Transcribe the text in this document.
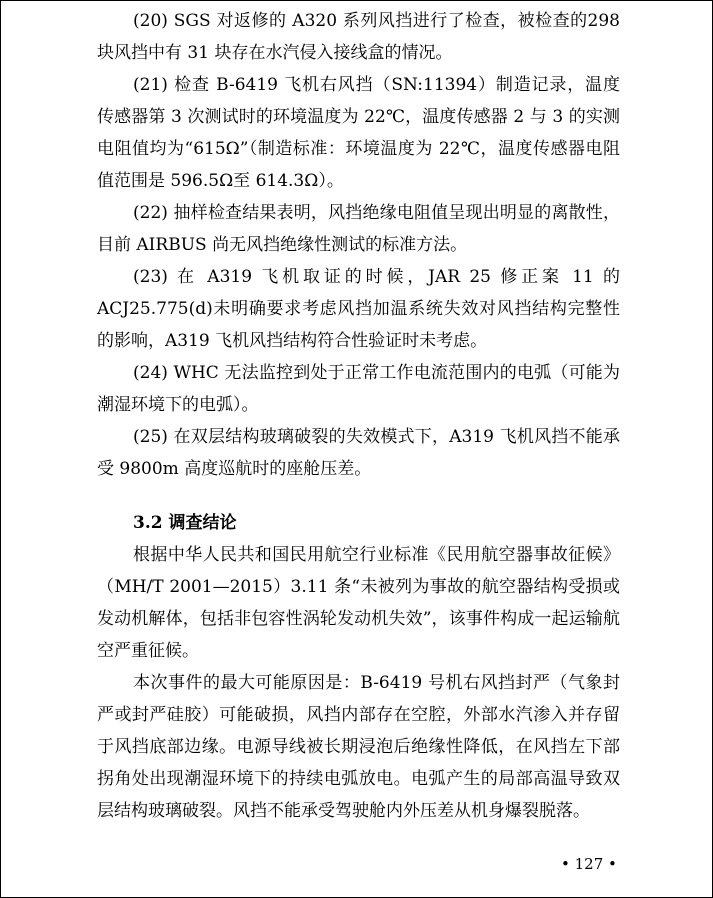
(20) SGS 对返修的 A320 系列风挡进行了检查，被检查的298 块风挡中有 31 块存在水汽侵入接线盒的情况。

(21) 检查 B-6419 飞机右风挡（SN:11394）制造记录，温度传感器第 3 次测试时的环境温度为 22℃，温度传感器 2 与 3 的实测电阻值均为“615Ω”（制造标准：环境温度为 22℃，温度传感器电阻值范围是 596.5Ω至 614.3Ω）。

(22) 抽样检查结果表明，风挡绝缘电阻值呈现出明显的离散性，目前 AIRBUS 尚无风挡绝缘性测试的标准方法。

(23) 在 A319 飞机取证的时候，JAR 25 修正案 11 的ACJ25.775(d)未明确要求考虑风挡加温系统失效对风挡结构完整性的影响，A319 飞机风挡结构符合性验证时未考虑。

(24) WHC 无法监控到处于正常工作电流范围内的电弧（可能为潮湿环境下的电弧）。

(25) 在双层结构玻璃破裂的失效模式下，A319 飞机风挡不能承受 9800m 高度巡航时的座舱压差。

3.2 调查结论

根据中华人民共和国民用航空行业标准《民用航空器事故征候》（MH/T 2001—2015）3.11 条“未被列为事故的航空器结构受损或发动机解体，包括非包容性涡轮发动机失效”，该事件构成一起运输航空严重征候。

本次事件的最大可能原因是：B-6419 号机右风挡封严（气象封严或封严硅胶）可能破损，风挡内部存在空腔，外部水汽渗入并存留于风挡底部边缘。电源导线被长期浸泡后绝缘性降低，在风挡左下部拐角处出现潮湿环境下的持续电弧放电。电弧产生的局部高温导致双层结构玻璃破裂。风挡不能承受驾驶舱内外压差从机身爆裂脱落。

• 127 •
